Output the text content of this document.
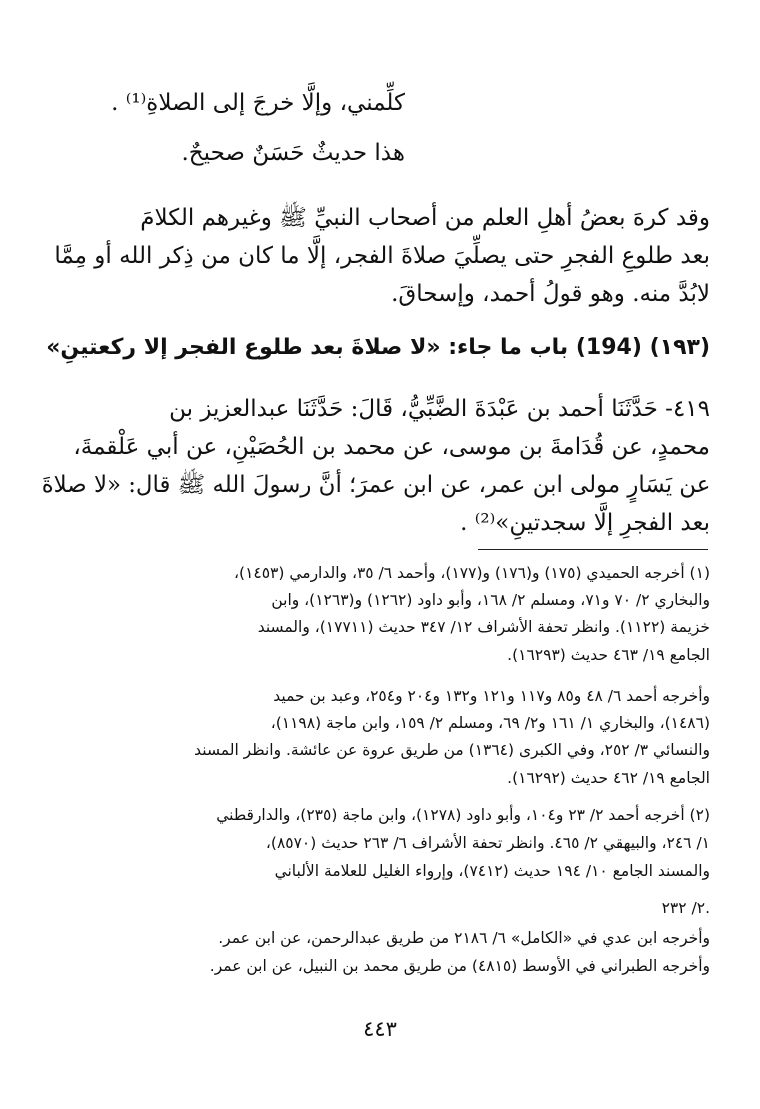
كلِّمني، وإلَّا خرجَ إلى الصلاةِ⁽¹⁾ .
هذا حديثٌ حَسَنٌ صحيحٌ.
وقد كرهَ بعضُ أهلِ العلم من أصحاب النبيِّ ﷺ وغيرهم الكلامَ
بعد طلوعِ الفجرِ حتى يصلِّيَ صلاةَ الفجر، إلَّا ما كان من ذِكر الله أو مِمَّا
لابُدَّ منه. وهو قولُ أحمد، وإسحاقَ.
(١٩٣) (194) باب ما جاء: «لا صلاةَ بعد طلوع الفجر إلا ركعتينِ»
٤١٩- حَدَّثَنَا أحمد بن عَبْدَةَ الضَّبِّيُّ، قَالَ: حَدَّثَنَا عبدالعزيز بن
محمدٍ، عن قُدَامةَ بن موسى، عن محمد بن الحُصَيْنِ، عن أبي عَلْقمةَ،
عن يَسَارٍ مولى ابن عمر، عن ابن عمرَ؛ أنَّ رسولَ الله ﷺ قال: «لا صلاةَ
بعد الفجرِ إلَّا سجدتينِ»⁽²⁾ .
(١) أخرجه الحميدي (١٧٥) و(١٧٦) و(١٧٧)، وأحمد ٦/ ٣٥، والدارمي (١٤٥٣)،
والبخاري ٢/ ٧٠ و٧١، ومسلم ٢/ ١٦٨، وأبو داود (١٢٦٢) و(١٢٦٣)، وابن
خزيمة (١١٢٢). وانظر تحفة الأشراف ١٢/ ٣٤٧ حديث (١٧٧١١)، والمسند
الجامع ١٩/ ٤٦٣ حديث (١٦٢٩٣).
وأخرجه أحمد ٦/ ٤٨ و٨٥ و١١٧ و١٢١ و١٣٢ و٢٠٤ و٢٥٤، وعبد بن حميد
(١٤٨٦)، والبخاري ١/ ١٦١ و٢/ ٦٩، ومسلم ٢/ ١٥٩، وابن ماجة (١١٩٨)،
والنسائي ٣/ ٢٥٢، وفي الكبرى (١٣٦٤) من طريق عروة عن عائشة. وانظر المسند
الجامع ١٩/ ٤٦٢ حديث (١٦٢٩٢).
(٢) أخرجه أحمد ٢/ ٢٣ و١٠٤، وأبو داود (١٢٧٨)، وابن ماجة (٢٣٥)، والدارقطني
١/ ٢٤٦، والبيهقي ٢/ ٤٦٥. وانظر تحفة الأشراف ٦/ ٢٦٣ حديث (٨٥٧٠)،
والمسند الجامع ١٠/ ١٩٤ حديث (٧٤١٢)، وإرواء الغليل للعلامة الألباني
٢/ ٢٣٢.
وأخرجه ابن عدي في «الكامل» ٦/ ٢١٨٦ من طريق عبدالرحمن، عن ابن عمر.
وأخرجه الطبراني في الأوسط (٤٨١٥) من طريق محمد بن النبيل، عن ابن عمر.
٤٤٣
